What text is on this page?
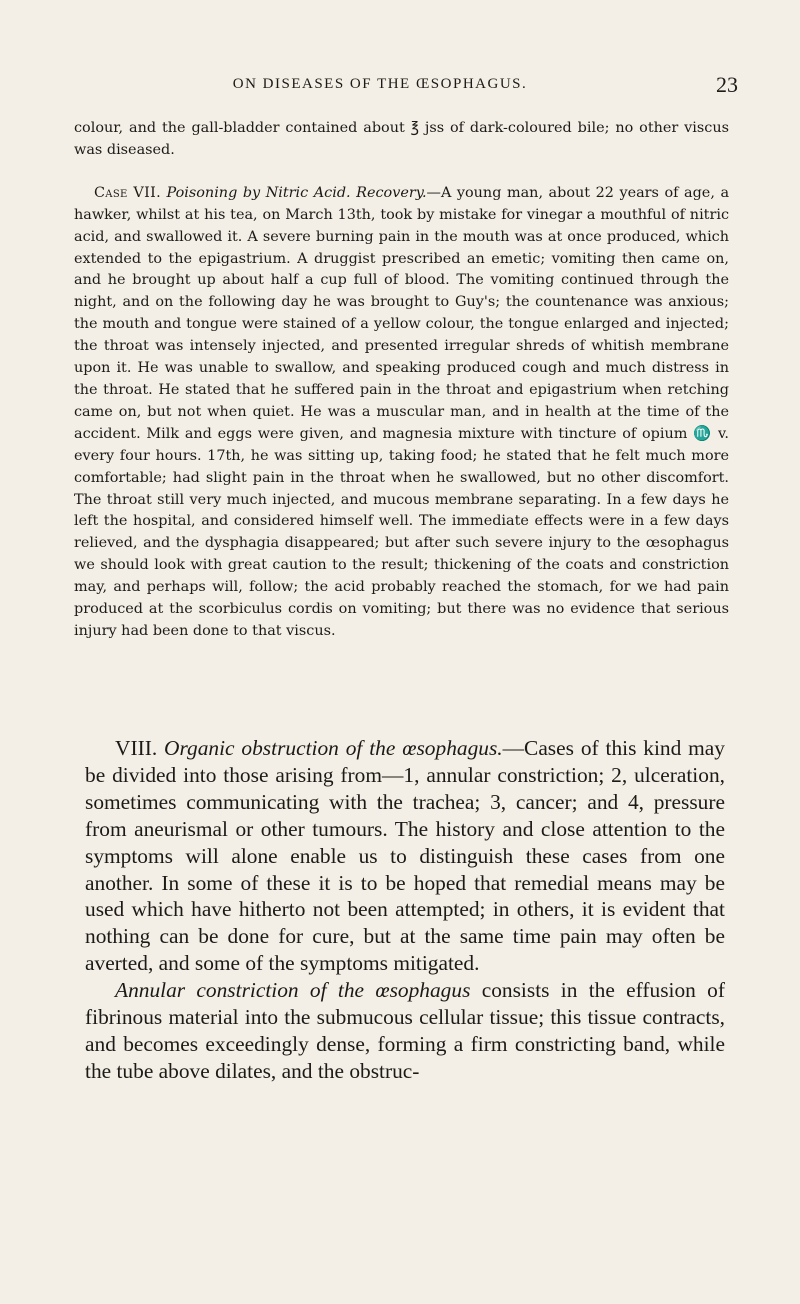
ON DISEASES OF THE ŒSOPHAGUS.	23

colour, and the gall-bladder contained about ℥ jss of dark-coloured bile; no other viscus was diseased.

Case VII. Poisoning by Nitric Acid. Recovery.—A young man, about 22 years of age, a hawker, whilst at his tea, on March 13th, took by mistake for vinegar a mouthful of nitric acid, and swallowed it. A severe burning pain in the mouth was at once produced, which extended to the epigastrium. A druggist prescribed an emetic; vomiting then came on, and he brought up about half a cup full of blood. The vomiting continued through the night, and on the following day he was brought to Guy's; the countenance was anxious; the mouth and tongue were stained of a yellow colour, the tongue enlarged and injected; the throat was intensely injected, and presented irregular shreds of whitish membrane upon it. He was unable to swallow, and speaking produced cough and much distress in the throat. He stated that he suffered pain in the throat and epigastrium when retching came on, but not when quiet. He was a muscular man, and in health at the time of the accident. Milk and eggs were given, and magnesia mixture with tincture of opium ♏ v. every four hours. 17th, he was sitting up, taking food; he stated that he felt much more comfortable; had slight pain in the throat when he swallowed, but no other discomfort. The throat still very much injected, and mucous membrane separating. In a few days he left the hospital, and considered himself well. The immediate effects were in a few days relieved, and the dysphagia disappeared; but after such severe injury to the œsophagus we should look with great caution to the result; thickening of the coats and constriction may, and perhaps will, follow; the acid probably reached the stomach, for we had pain produced at the scorbiculus cordis on vomiting; but there was no evidence that serious injury had been done to that viscus.

VIII. Organic obstruction of the œsophagus.—Cases of this kind may be divided into those arising from—1, annular constriction; 2, ulceration, sometimes communicating with the trachea; 3, cancer; and 4, pressure from aneurismal or other tumours. The history and close attention to the symptoms will alone enable us to distinguish these cases from one another. In some of these it is to be hoped that remedial means may be used which have hitherto not been attempted; in others, it is evident that nothing can be done for cure, but at the same time pain may often be averted, and some of the symptoms mitigated.

Annular constriction of the œsophagus consists in the effusion of fibrinous material into the submucous cellular tissue; this tissue contracts, and becomes exceedingly dense, forming a firm constricting band, while the tube above dilates, and the obstruc-
